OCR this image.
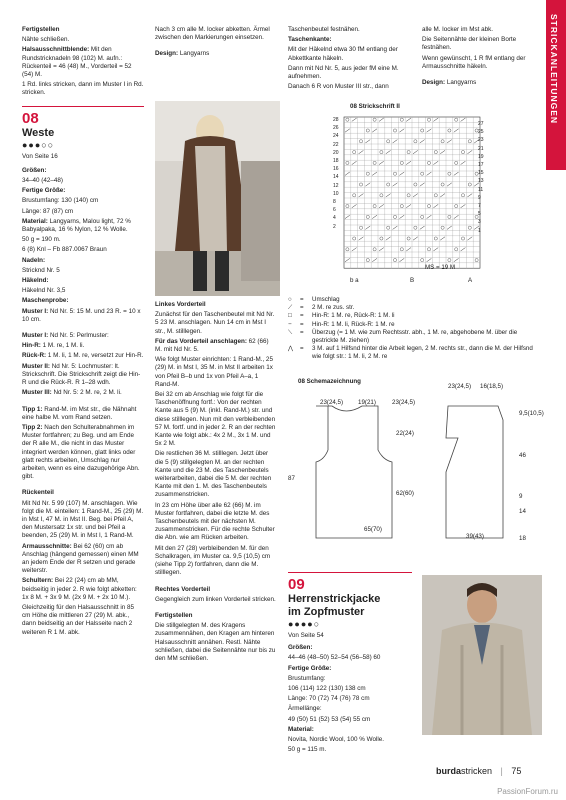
STRICKANLEITUNGEN

Fertigstellen

Nähte schließen.

Halsausschnittblende: Mit den Rundstricknadeln 98 (102) M. aufn.: Rückenteil = 46 (48) M., Vorderteil = 52 (54) M.

1 Rd. links stricken, dann im Muster I in Rd. stricken.

08
Weste
●●●○○

Von Seite 16

Größen:

34–40 (42–48)

Fertige Größe:

Brustumfang: 130 (140) cm

Länge: 87 (87) cm

Material: Langyarns, Malou light, 72 % Babyalpaka, 16 % Nylon, 12 % Wolle.

50 g = 190 m.

6 (8) Knl – Fb 887.0067 Braun

Nadeln:

Stricknd Nr. 5

Häkelnd:

Häkelnd Nr. 3,5

Maschenprobe:

Muster I: Nd Nr. 5: 15 M. und 23 R. = 10 x 10 cm.

Muster I: Nd Nr. 5: Perlmuster:

Hin-R: 1 M. re, 1 M. li.

Rück-R: 1 M. li, 1 M. re, versetzt zur Hin-R.

Muster II: Nd Nr. 5: Lochmuster: lt. Strickschrift. Die Strickschrift zeigt die Hin-R und die Rück-R. R 1–28 wdh.

Muster III: Nd Nr. 5: 2 M. re, 2 M. li.

Tipp 1: Rand-M. im Mst str., die Nähnaht eine halbe M. vom Rand setzen.

Tipp 2: Nach den Schulterabnahmen im Muster fortfahren; zu Beg. und am Ende der R alle M., die nicht in das Muster integriert werden können, glatt links oder glatt rechts arbeiten, Umschlag nur arbeiten, wenn es eine dazugehörige Abn. gibt.

Rückenteil

Mit Nd Nr. 5 99 (107) M. anschlagen. Wie folgt die M. einteilen: 1 Rand-M., 25 (29) M. in Mst I, 47 M. in Mst II. Beg. bei Pfeil A, den Mustersatz 1x str. und bei Pfeil a beenden, 25 (29) M. in Mst I, 1 Rand-M.

Armausschnitte: Bei 62 (60) cm ab Anschlag (hängend gemessen) einen MM an jedem Ende der R setzen und gerade weiterstr.

Schultern: Bei 22 (24) cm ab MM, beidseitig in jeder 2. R wie folgt abketten: 1x 8 M. + 3x 9 M. (2x 9 M. + 2x 10 M.).

Gleichzeitig für den Halsausschnitt in 85 cm Höhe die mittleren 27 (29) M. abk., dann beidseitig an der Halsseite nach 2 weiteren R 1 M. abk.

Nach 3 cm alle M. locker abketten. Ärmel zwischen den Markierungen einsetzen.

Design: Langyarns

Linkes Vorderteil

Zunächst für den Taschenbeutel mit Nd Nr. 5 23 M. anschlagen. Nun 14 cm in Mst I str., M. stilllegen.

Für das Vorderteil anschlagen: 62 (66) M. mit Nd Nr. 5.

Wie folgt Muster einrichten: 1 Rand-M., 25 (29) M. in Mst I, 35 M. in Mst II arbeiten 1x von Pfeil B–b und 1x von Pfeil A–a, 1 Rand-M.

Bei 32 cm ab Anschlag wie folgt für die Taschenöffnung fortf.: Von der rechten Kante aus 5 (9) M. (inkl. Rand-M.) str. und diese stilllegen. Nun mit den verbleibenden 57 M. fortf. und in jeder 2. R an der rechten Kante wie folgt abk.: 4x 2 M., 3x 1 M. und 5x 2 M.

Die restlichen 36 M. stilllegen. Jetzt über die 5 (9) stillgelegten M. an der rechten Kante und die 23 M. des Taschenbeutels weiterarbeiten, dabei die 5 M. der rechten Kante mit den 1. M. des Taschenbeutels zusammenstricken.

In 23 cm Höhe über alle 62 (66) M. im Muster fortfahren, dabei die letzte M. des Taschenbeutels mit der nächsten M. zusammenstricken. Für die rechte Schulter die Abn. wie am Rücken arbeiten.

Mit den 27 (28) verbleibenden M. für den Schalkragen, im Muster ca. 9,5 (10,5) cm (siehe Tipp 2) fortfahren, dann die M. stilllegen.

Rechtes Vorderteil

Gegengleich zum linken Vorderteil stricken.

Fertigstellen

Die stillgelegten M. des Kragens zusammennähen, den Kragen am hinteren Halsausschnitt annähen. Restl. Nähte schließen, dabei die Seitennähte nur bis zu den MM schließen.

Taschenbeutel festnähen.

Taschenkante:

Mit der Häkelnd etwa 30 fM entlang der Abkettkante häkeln.

Dann mit Nd Nr. 5, aus jeder fM eine M. aufnehmen.

Danach 6 R von Muster III str., dann

alle M. locker im Mst abk.

Die Seitennähte der kleinen Borte festnähen.

Wenn gewünscht, 1 R fM entlang der Armausschnitte häkeln.

Design: Langyarns

08 Strickschrift II
28
26
24
22
20
18
16
14
12
10
8
6
4
2
27
25
23
21
19
17
15
13
11
9
7
5
3
1
b a	B	A
MS = 19 M
○	=	Umschlag
⟋	=	2 M. re zus. str.
□	=	Hin-R: 1 M. re, Rück-R: 1 M. li
−	=	Hin-R: 1 M. li, Rück-R: 1 M. re
⟍	=	Überzug (= 1 M. wie zum Rechtsstr. abh., 1 M. re, abgehobene M. über die gestrickte M. ziehen)
⋀	=	3 M. auf 1 Hilfsnd hinter die Arbeit legen, 2 M. rechts str., dann die M. der Hilfsnd wie folgt str.: 1 M. li, 2 M. re
08 Schemazeichnung
23(24,5) 19(21)	23(24,5)
87
65(70)
22(24)
62(60)
23(24,5) 16(18,5)
9,5(10,5)
46
9
14
18
39(43)
09
Herrenstrickjacke
im Zopfmuster
●●●●○

Von Seite 54

Größen:

44–46 (48–50) 52–54 (56–58) 60

Fertige Größe:

Brustumfang:

106 (114) 122 (130) 138 cm

Länge: 70 (72) 74 (76) 78 cm

Ärmellänge:

49 (50) 51 (52) 53 (54) 55 cm

Material:

Novita, Nordic Wool, 100 % Wolle.

50 g = 115 m.

burdastricken | 75
PassionForum.ru
